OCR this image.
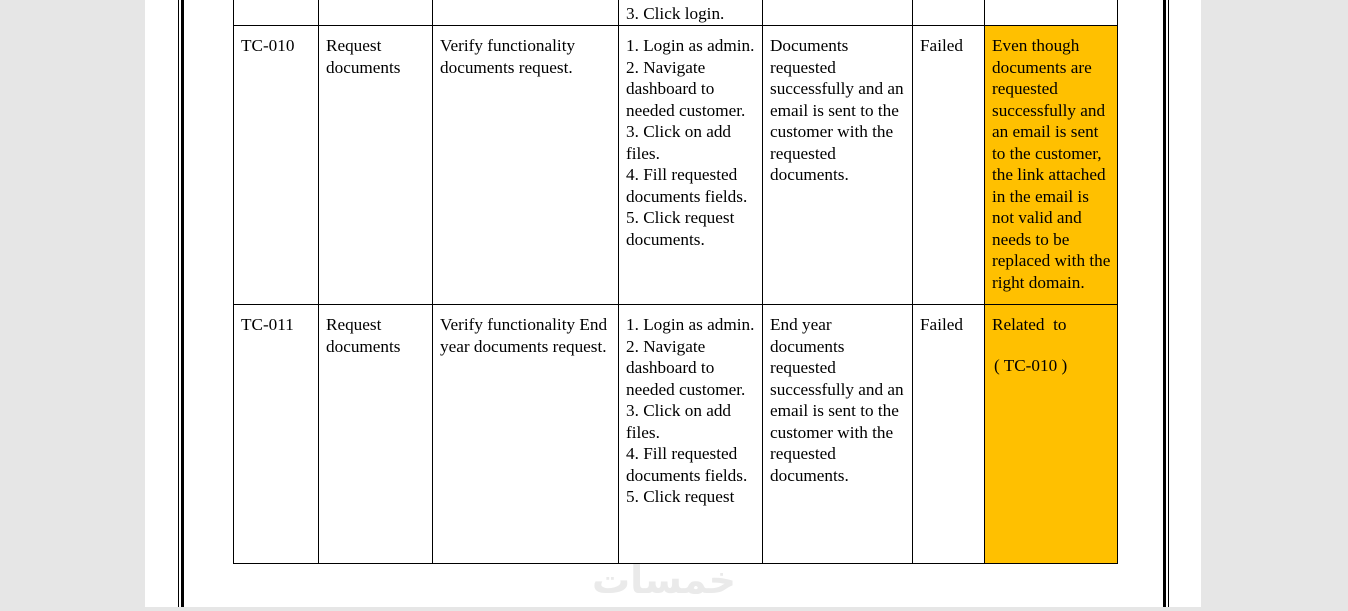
			3. Click login.			

TC-010	Request documents	Verify functionality documents request.	1. Login as admin.
2. Navigate dashboard to needed customer.
3. Click on add files.
4. Fill requested documents fields.
5. Click request documents.	Documents requested successfully and an email is sent to the customer with the requested documents.	Failed	Even though documents are requested successfully and an email is sent to the customer, the link attached in the email is not valid and needs to be replaced with the right domain.

TC-011	Request documents	Verify functionality End year documents request.	1. Login as admin.
2. Navigate dashboard to needed customer.
3. Click on add files.
4. Fill requested documents fields.
5. Click request	End year documents requested successfully and an email is sent to the customer with the requested documents.	Failed	Related  to
( TC-010 )
خمسات
